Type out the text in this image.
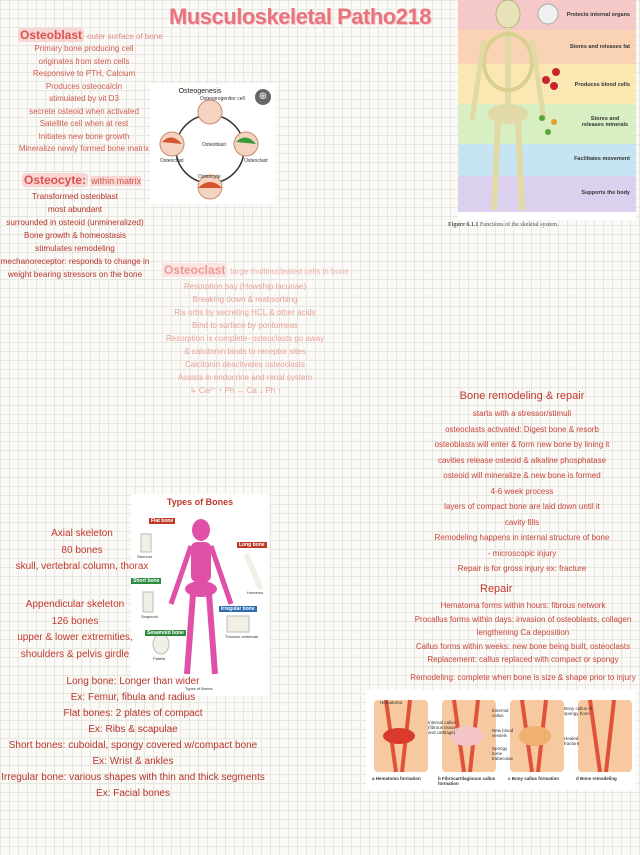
Musculoskeletal Patho218
Osteoblast outer surface of bone
Primary bone producing cell
originates from stem cells
Responsive to PTH, Calcium
Produces osteocalcin
stimulated by vit D3
secrete osteoid when activated
Satellite cell when at rest
Initiates new bone growth
Mineralize newly formed bone matrix
Osteocyte: within matrix
Transformed osteoblast
most abundant
surrounded in osteoid (unmineralized)
Bone growth & homeostasis
stimulates remodeling
mechanoreceptor: responds to change in
weight bearing stressors on the bone
Osteogenesis
Osteoprogenitor cell
Osteoblast
Osteocyte
Osteoclast
Osteoclast
⊕
Osteoclast large multinucleated cells in bone
Resorption bay (Howship lacunae)
Breaking down & reabsorbing
Ris orbs by secreting HCL & other acids
Bind to surface by pontomeas
Resorption is complete- osteoclasts go away
& calcitonin binds to receptor sites
Calcitonin deactivates osteoclasts
Assists in endocrine and renal system
↳ Ca²⁺ ↑ Ph ↔ Ca ↓ Ph ↑
Protects internal organs
Stores and releases fat
Produces blood cells
Stores and releases minerals
Facilitates movement
Supports the body
Figure 6.1.1 Functions of the skeletal system.
Bone remodeling & repair
starts with a stressor/stimuli
osteoclasts activated: Digest bone & resorb
osteoblasts will enter & form new bone by lining it
cavities release osteoid & alkaline phosphatase
osteoid will mineralize & new bone is formed
4-6 week process
layers of compact bone are laid down until it
cavity fills
Remodeling happens in internal structure of bone
- microscopic injury
Repair is for gross injury ex: fracture
Repair
Hematoma forms within hours: fibrous network
Procallus forms within days: invasion of osteoblasts, collagen
lengthening Ca deposition
Callus forms within weeks: new bone being built, osteoclasts
Replacement: callus replaced with compact or spongy
Remodeling: complete when bone is size & shape prior to injury
Hematoma
Internal callus (fibrous tissue and cartilage)
External callus
New blood vessels
Spongy bone trabeculae
Bony callus of spongy bone
Healed fracture
a Hematoma formation	b Fibrocartilaginous callus formation
c Bony callus formation	d Bone remodeling
Types of Bones
Flat bone
Long bone
Short bone
Irregular bone
Sesamoid bone
Sternum
Humerus
Scaphoid
Thoracic vertebrae
Patella
Types of Bones
Axial skeleton
80 bones
skull, vertebral column, thorax
Appendicular skeleton
126 bones
upper & lower extremities,
shoulders & pelvis girdle
Long bone: Longer than wider
Ex: Femur, fibula and radius
Flat bones: 2 plates of compact
Ex: Ribs & scapulae
Short bones: cuboidal, spongy covered w/compact bone
Ex: Wrist & ankles
Irregular bone: various shapes with thin and thick segments
Ex: Facial bones
